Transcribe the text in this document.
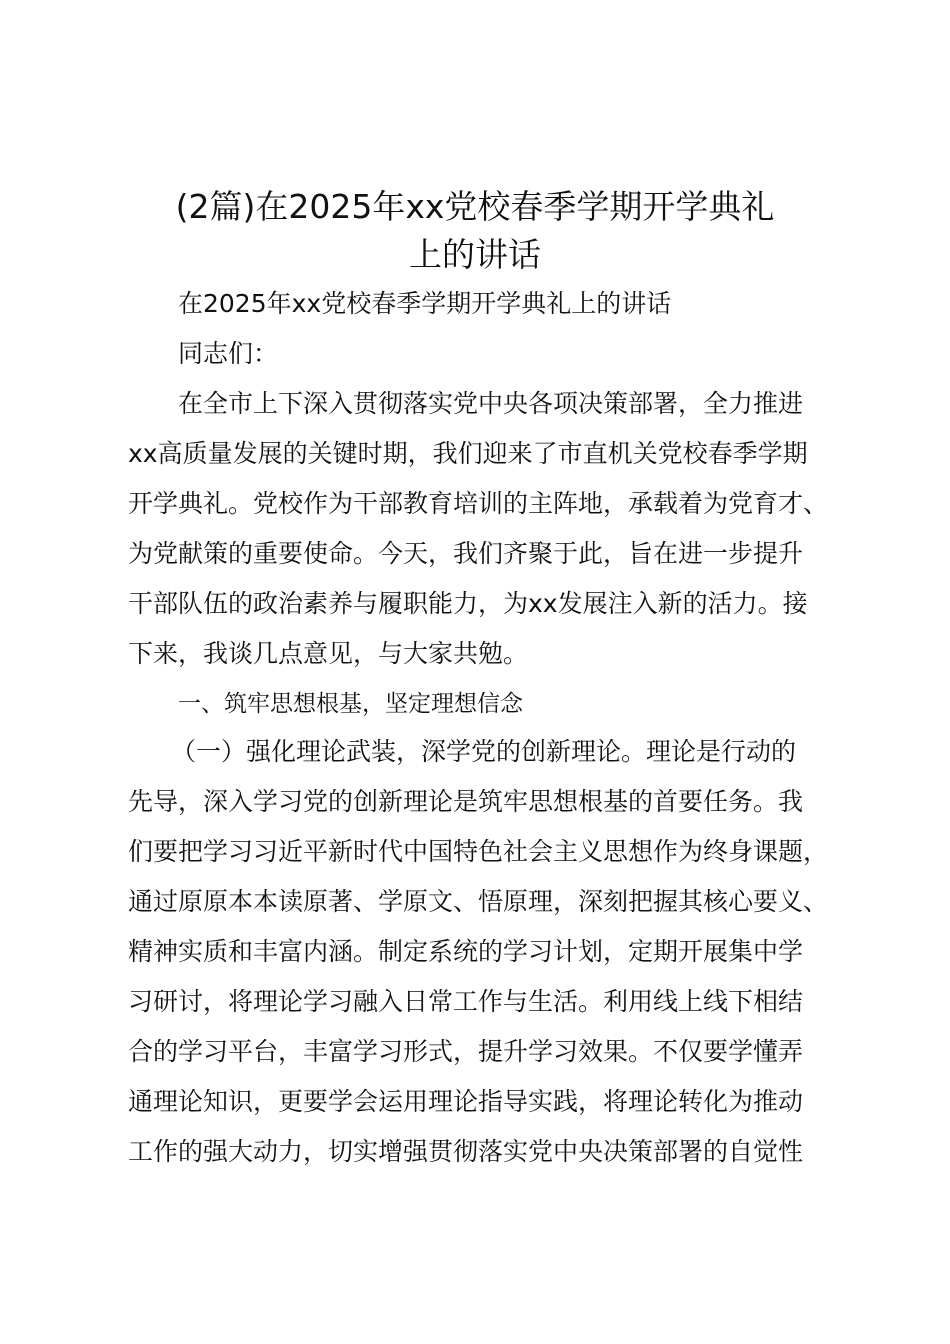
(2篇)在2025年xx党校春季学期开学典礼
上的讲话

在2025年xx党校春季学期开学典礼上的讲话

同志们：

在全市上下深入贯彻落实党中央各项决策部署，全力推进
xx高质量发展的关键时期，我们迎来了市直机关党校春季学期
开学典礼。党校作为干部教育培训的主阵地，承载着为党育才、
为党献策的重要使命。今天，我们齐聚于此，旨在进一步提升
干部队伍的政治素养与履职能力，为xx发展注入新的活力。接
下来，我谈几点意见，与大家共勉。

一、筑牢思想根基，坚定理想信念

（一）强化理论武装，深学党的创新理论。理论是行动的
先导，深入学习党的创新理论是筑牢思想根基的首要任务。我
们要把学习习近平新时代中国特色社会主义思想作为终身课题，
通过原原本本读原著、学原文、悟原理，深刻把握其核心要义、
精神实质和丰富内涵。制定系统的学习计划，定期开展集中学
习研讨，将理论学习融入日常工作与生活。利用线上线下相结
合的学习平台，丰富学习形式，提升学习效果。不仅要学懂弄
通理论知识，更要学会运用理论指导实践，将理论转化为推动
工作的强大动力，切实增强贯彻落实党中央决策部署的自觉性
